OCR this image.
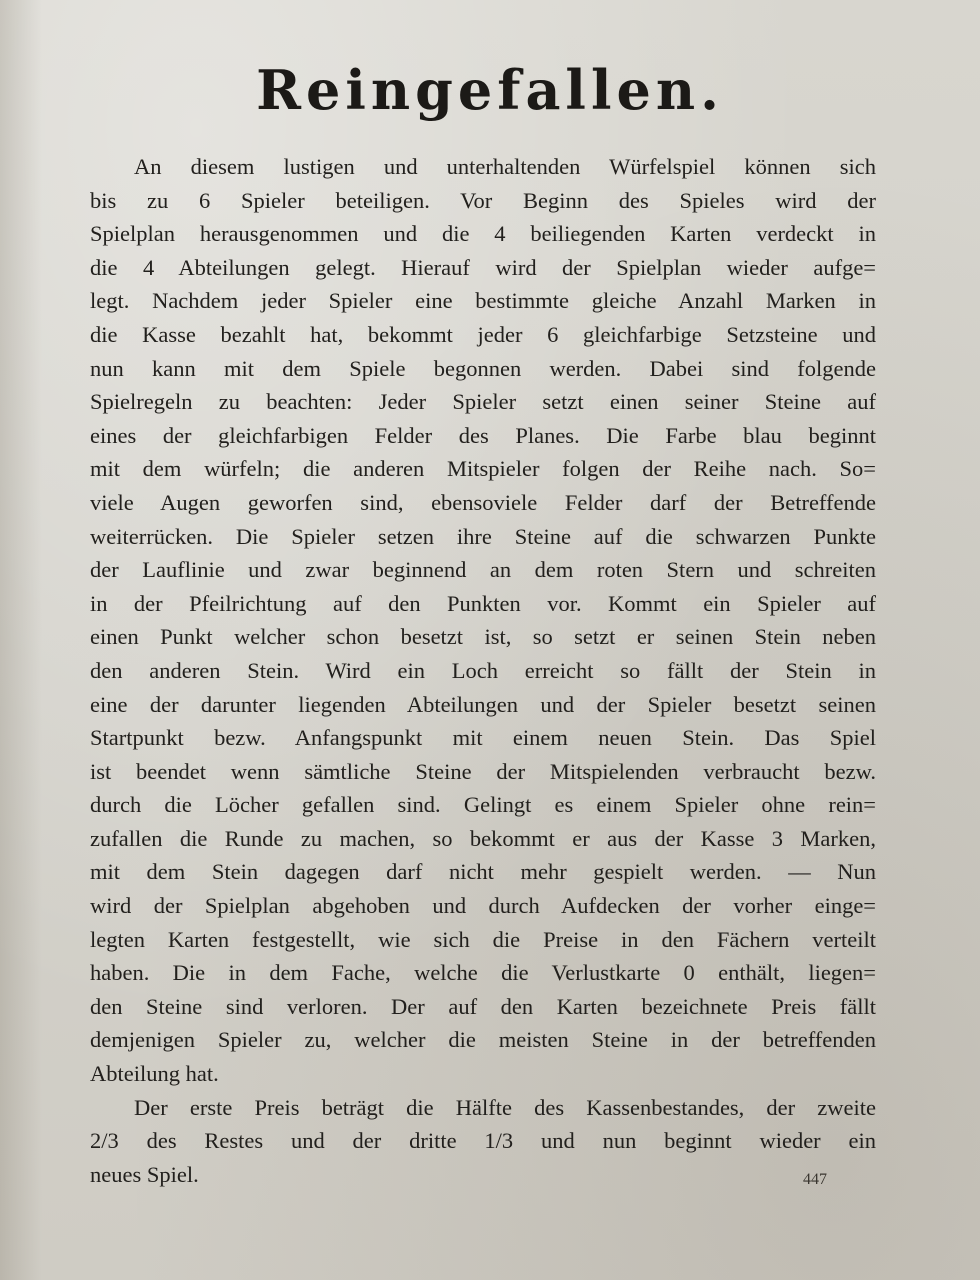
Reingefallen.
An diesem lustigen und unterhaltenden Würfelspiel können sich
bis zu 6 Spieler beteiligen. Vor Beginn des Spieles wird der
Spielplan herausgenommen und die 4 beiliegenden Karten verdeckt in
die 4 Abteilungen gelegt. Hierauf wird der Spielplan wieder aufge=
legt. Nachdem jeder Spieler eine bestimmte gleiche Anzahl Marken in
die Kasse bezahlt hat, bekommt jeder 6 gleichfarbige Setzsteine und
nun kann mit dem Spiele begonnen werden. Dabei sind folgende
Spielregeln zu beachten: Jeder Spieler setzt einen seiner Steine auf
eines der gleichfarbigen Felder des Planes. Die Farbe blau beginnt
mit dem würfeln; die anderen Mitspieler folgen der Reihe nach. So=
viele Augen geworfen sind, ebensoviele Felder darf der Betreffende
weiterrücken. Die Spieler setzen ihre Steine auf die schwarzen Punkte
der Lauflinie und zwar beginnend an dem roten Stern und schreiten
in der Pfeilrichtung auf den Punkten vor. Kommt ein Spieler auf
einen Punkt welcher schon besetzt ist, so setzt er seinen Stein neben
den anderen Stein. Wird ein Loch erreicht so fällt der Stein in
eine der darunter liegenden Abteilungen und der Spieler besetzt seinen
Startpunkt bezw. Anfangspunkt mit einem neuen Stein. Das Spiel
ist beendet wenn sämtliche Steine der Mitspielenden verbraucht bezw.
durch die Löcher gefallen sind. Gelingt es einem Spieler ohne rein=
zufallen die Runde zu machen, so bekommt er aus der Kasse 3 Marken,
mit dem Stein dagegen darf nicht mehr gespielt werden. — Nun
wird der Spielplan abgehoben und durch Aufdecken der vorher einge=
legten Karten festgestellt, wie sich die Preise in den Fächern verteilt
haben. Die in dem Fache, welche die Verlustkarte 0 enthält, liegen=
den Steine sind verloren. Der auf den Karten bezeichnete Preis fällt
demjenigen Spieler zu, welcher die meisten Steine in der betreffenden
Abteilung hat.
Der erste Preis beträgt die Hälfte des Kassenbestandes, der zweite
2/3 des Restes und der dritte 1/3 und nun beginnt wieder ein
neues Spiel.	447
